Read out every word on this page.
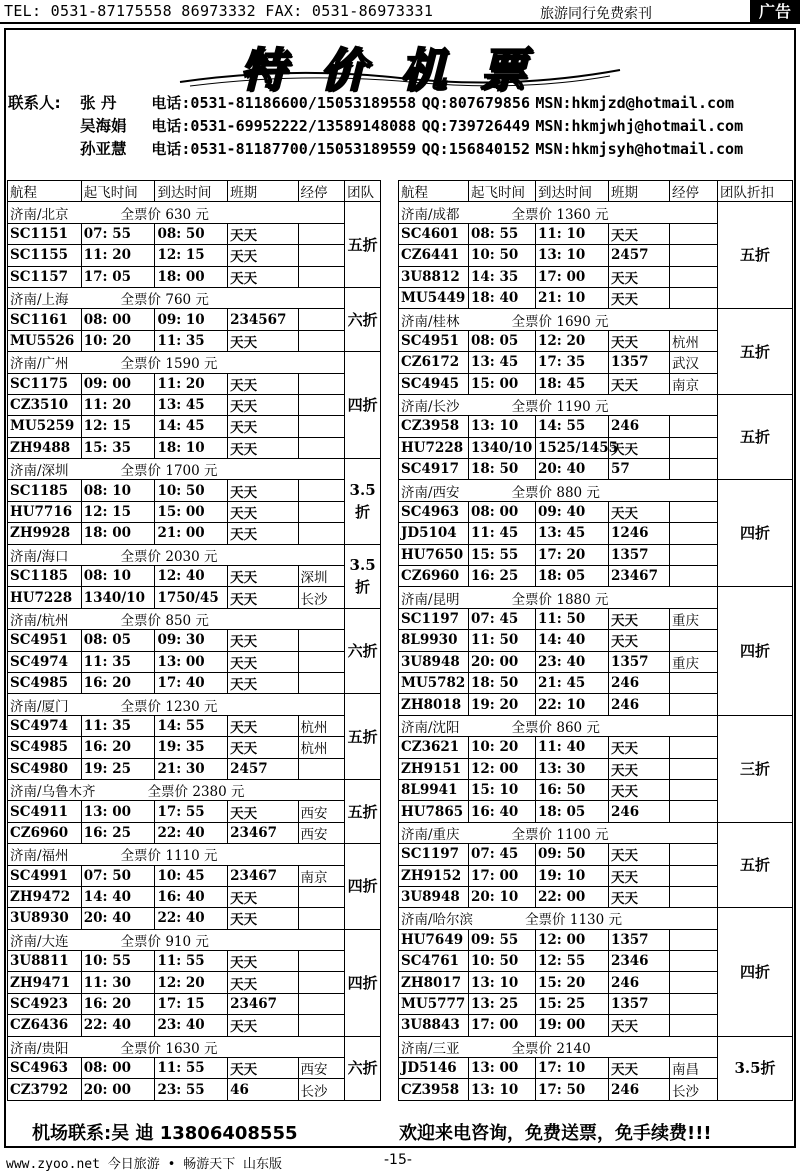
TEL: 0531-87175558 86973332 FAX: 0531-86973331	旅游同行免费索刊	广告
特价机票
联系人: 张 丹 电话:0531-81186600/15053189558 QQ:807679856 MSN:hkmjzd@hotmail.com
吴海娟 电话:0531-69952222/13589148088 QQ:739726449 MSN:hkmjwhj@hotmail.com
孙亚慧 电话:0531-81187700/15053189559 QQ:156840152 MSN:hkmjsyh@hotmail.com
航程	起飞时间	到达时间	班期	经停	团队
济南/北京 全票价 630 元					五折
SC1151	07: 55	08: 50	天天		
SC1155	11: 20	12: 15	天天		
SC1157	17: 05	18: 00	天天		
济南/上海 全票价 760 元					六折
SC1161	08: 00	09: 10	234567		
MU5526	10: 20	11: 35	天天		
济南/广州 全票价 1590 元					四折
SC1175	09: 00	11: 20	天天		
CZ3510	11: 20	13: 45	天天		
MU5259	12: 15	14: 45	天天		
ZH9488	15: 35	18: 10	天天		
济南/深圳 全票价 1700 元					3.5折
SC1185	08: 10	10: 50	天天		
HU7716	12: 15	15: 00	天天		
ZH9928	18: 00	21: 00	天天		
济南/海口 全票价 2030 元					3.5折
SC1185	08: 10	12: 40	天天	深圳	
HU7228	1340/10	1750/45	天天	长沙	
济南/杭州 全票价 850 元					六折
SC4951	08: 05	09: 30	天天		
SC4974	11: 35	13: 00	天天		
SC4985	16: 20	17: 40	天天		
济南/厦门 全票价 1230 元					五折
SC4974	11: 35	14: 55	天天	杭州	
SC4985	16: 20	19: 35	天天	杭州	
SC4980	19: 25	21: 30	2457		
济南/乌鲁木齐 全票价 2380 元					五折
SC4911	13: 00	17: 55	天天	西安	
CZ6960	16: 25	22: 40	23467	西安	
济南/福州 全票价 1110 元					四折
SC4991	07: 50	10: 45	23467	南京	
ZH9472	14: 40	16: 40	天天		
3U8930	20: 40	22: 40	天天		
济南/大连 全票价 910 元					四折
3U8811	10: 55	11: 55	天天		
ZH9471	11: 30	12: 20	天天		
SC4923	16: 20	17: 15	23467		
CZ6436	22: 40	23: 40	天天		
济南/贵阳 全票价 1630 元					六折
SC4963	08: 00	11: 55	天天	西安	
CZ3792	20: 00	23: 55	46	长沙	
航程	起飞时间	到达时间	班期	经停	团队折扣
济南/成都 全票价 1360 元					五折
SC4601	08: 55	11: 10	天天		
CZ6441	10: 50	13: 10	2457		
3U8812	14: 35	17: 00	天天		
MU5449	18: 40	21: 10	天天		
济南/桂林 全票价 1690 元					五折
SC4951	08: 05	12: 20	天天	杭州	
CZ6172	13: 45	17: 35	1357	武汉	
SC4945	15: 00	18: 45	天天	南京	
济南/长沙 全票价 1190 元					五折
CZ3958	13: 10	14: 55	246		
HU7228	1340/10	1525/1455	天天		
SC4917	18: 50	20: 40	57		
济南/西安 全票价 880 元					四折
SC4963	08: 00	09: 40	天天		
JD5104	11: 45	13: 45	1246		
HU7650	15: 55	17: 20	1357		
CZ6960	16: 25	18: 05	23467		
济南/昆明 全票价 1880 元					四折
SC1197	07: 45	11: 50	天天	重庆	
8L9930	11: 50	14: 40	天天		
3U8948	20: 00	23: 40	1357	重庆	
MU5782	18: 50	21: 45	246		
ZH8018	19: 20	22: 10	246		
济南/沈阳 全票价 860 元					三折
CZ3621	10: 20	11: 40	天天		
ZH9151	12: 00	13: 30	天天		
8L9941	15: 10	16: 50	天天		
HU7865	16: 40	18: 05	246		
济南/重庆 全票价 1100 元					五折
SC1197	07: 45	09: 50	天天		
ZH9152	17: 00	19: 10	天天		
3U8948	20: 10	22: 00	天天		
济南/哈尔滨 全票价 1130 元					四折
HU7649	09: 55	12: 00	1357		
SC4761	10: 50	12: 55	2346		
ZH8017	13: 10	15: 20	246		
MU5777	13: 25	15: 25	1357		
3U8843	17: 00	19: 00	天天		
济南/三亚 全票价 2140					3.5折
JD5146	13: 00	17: 10	天天	南昌	
CZ3958	13: 10	17: 50	246	长沙	
机场联系:吴 迪 13806408555	欢迎来电咨询，免费送票，免手续费!!!
www.zyoo.net 今日旅游 • 畅游天下 山东版	-15-
